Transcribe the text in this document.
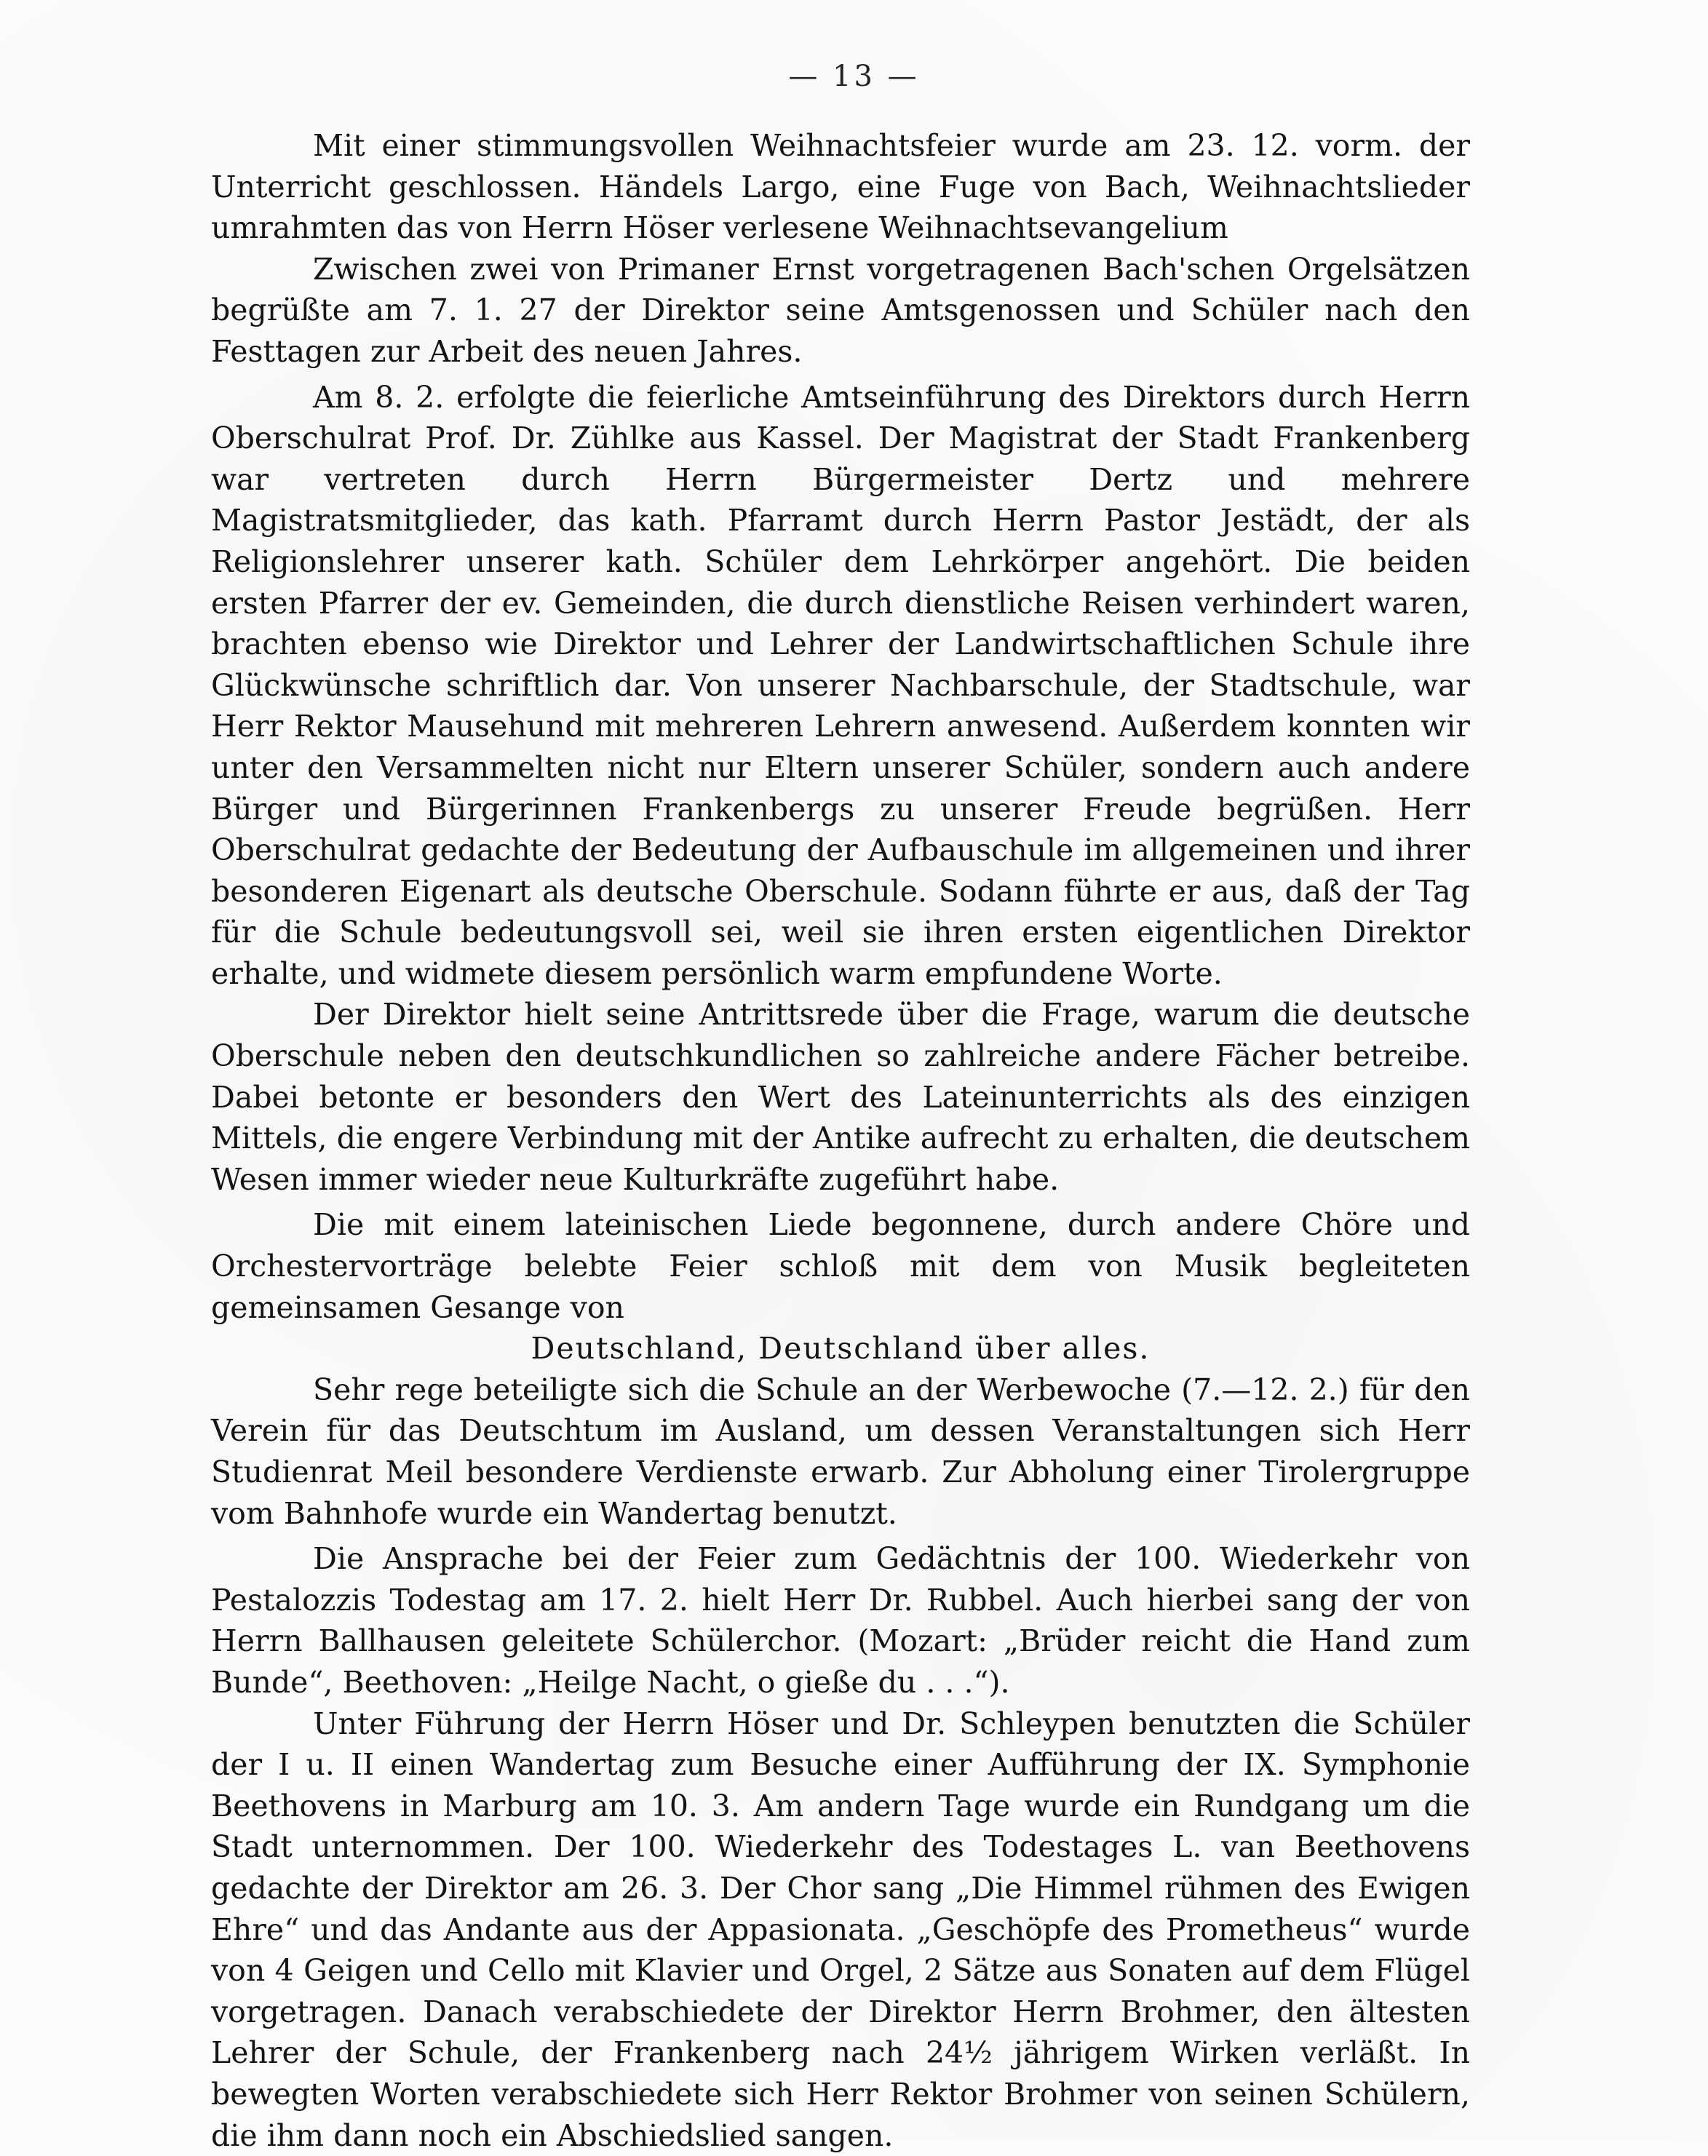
— 13 —

Mit einer stimmungsvollen Weihnachtsfeier wurde am 23. 12. vorm. der Unterricht geschlossen. Händels Largo, eine Fuge von Bach, Weihnachtslieder umrahmten das von Herrn Höser verlesene Weihnachtsevangelium

Zwischen zwei von Primaner Ernst vorgetragenen Bach'schen Orgelsätzen begrüßte am 7. 1. 27 der Direktor seine Amtsgenossen und Schüler nach den Festtagen zur Arbeit des neuen Jahres.

Am 8. 2. erfolgte die feierliche Amtseinführung des Direktors durch Herrn Oberschulrat Prof. Dr. Zühlke aus Kassel. Der Magistrat der Stadt Frankenberg war vertreten durch Herrn Bürgermeister Dertz und mehrere Magistratsmitglieder, das kath. Pfarramt durch Herrn Pastor Jestädt, der als Religionslehrer unserer kath. Schüler dem Lehrkörper angehört. Die beiden ersten Pfarrer der ev. Gemeinden, die durch dienstliche Reisen verhindert waren, brachten ebenso wie Direktor und Lehrer der Landwirtschaftlichen Schule ihre Glückwünsche schriftlich dar. Von unserer Nachbarschule, der Stadtschule, war Herr Rektor Mausehund mit mehreren Lehrern anwesend. Außerdem konnten wir unter den Versammelten nicht nur Eltern unserer Schüler, sondern auch andere Bürger und Bürgerinnen Frankenbergs zu unserer Freude begrüßen. Herr Oberschulrat gedachte der Bedeutung der Aufbauschule im allgemeinen und ihrer besonderen Eigenart als deutsche Oberschule. Sodann führte er aus, daß der Tag für die Schule bedeutungsvoll sei, weil sie ihren ersten eigentlichen Direktor erhalte, und widmete diesem persönlich warm empfundene Worte.

Der Direktor hielt seine Antrittsrede über die Frage, warum die deutsche Oberschule neben den deutschkundlichen so zahlreiche andere Fächer betreibe. Dabei betonte er besonders den Wert des Lateinunterrichts als des einzigen Mittels, die engere Verbindung mit der Antike aufrecht zu erhalten, die deutschem Wesen immer wieder neue Kulturkräfte zugeführt habe.

Die mit einem lateinischen Liede begonnene, durch andere Chöre und Orchestervorträge belebte Feier schloß mit dem von Musik begleiteten gemeinsamen Gesange von

Deutschland, Deutschland über alles.

Sehr rege beteiligte sich die Schule an der Werbewoche (7.—12. 2.) für den Verein für das Deutschtum im Ausland, um dessen Veranstaltungen sich Herr Studienrat Meil besondere Verdienste erwarb. Zur Abholung einer Tirolergruppe vom Bahnhofe wurde ein Wandertag benutzt.

Die Ansprache bei der Feier zum Gedächtnis der 100. Wiederkehr von Pestalozzis Todestag am 17. 2. hielt Herr Dr. Rubbel. Auch hierbei sang der von Herrn Ballhausen geleitete Schülerchor. (Mozart: „Brüder reicht die Hand zum Bunde“, Beethoven: „Heilge Nacht, o gieße du . . .“).

Unter Führung der Herrn Höser und Dr. Schleypen benutzten die Schüler der I u. II einen Wandertag zum Besuche einer Aufführung der IX. Symphonie Beethovens in Marburg am 10. 3. Am andern Tage wurde ein Rundgang um die Stadt unternommen. Der 100. Wiederkehr des Todestages L. van Beethovens gedachte der Direktor am 26. 3. Der Chor sang „Die Himmel rühmen des Ewigen Ehre“ und das Andante aus der Appasionata. „Geschöpfe des Prometheus“ wurde von 4 Geigen und Cello mit Klavier und Orgel, 2 Sätze aus Sonaten auf dem Flügel vorgetragen. Danach verabschiedete der Direktor Herrn Brohmer, den ältesten Lehrer der Schule, der Frankenberg nach 24½ jährigem Wirken verläßt. In bewegten Worten verabschiedete sich Herr Rektor Brohmer von seinen Schülern, die ihm dann noch ein Abschiedslied sangen.
